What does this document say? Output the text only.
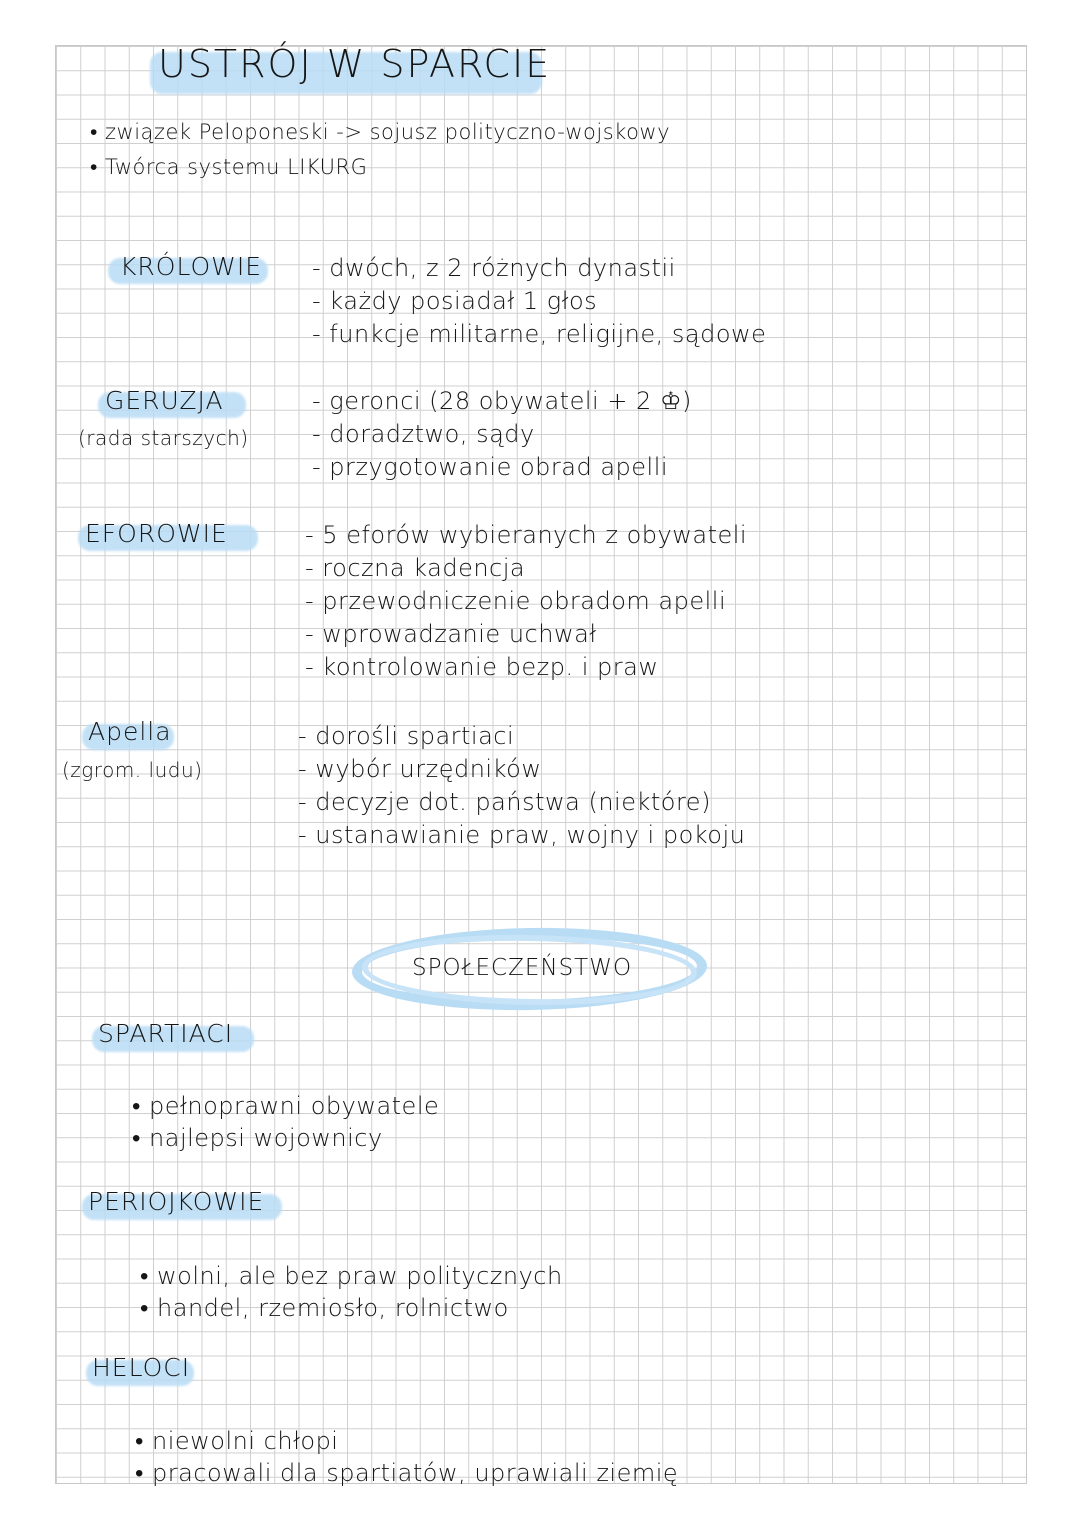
USTRÓJ W SPARCIE
• związek Peloponeski -> sojusz polityczno-wojskowy
• Twórca systemu LIKURG
KRÓLOWIE - dwóch, z 2 różnych dynastii
- każdy posiadał 1 głos
- funkcje militarne, religijne, sądowe
GERUZJA
(rada starszych)
- geronci (28 obywateli + 2 ♔)
- doradztwo, sądy
- przygotowanie obrad apelli
EFOROWIE	- 5 eforów wybieranych z obywateli
- roczna kadencja
- przewodniczenie obradom apelli
- wprowadzanie uchwał
- kontrolowanie bezp. i praw
Apella
(zgrom. ludu)
- dorośli spartiaci
- wybór urzędników
- decyzje dot. państwa (niektóre)
- ustanawianie praw, wojny i pokoju
SPOŁECZEŃSTWO
SPARTIACI
• pełnoprawni obywatele
• najlepsi wojownicy
PERIOJKOWIE
• wolni, ale bez praw politycznych
• handel, rzemiosło, rolnictwo
HELOCI
• niewolni chłopi
• pracowali dla spartiatów, uprawiali ziemię
